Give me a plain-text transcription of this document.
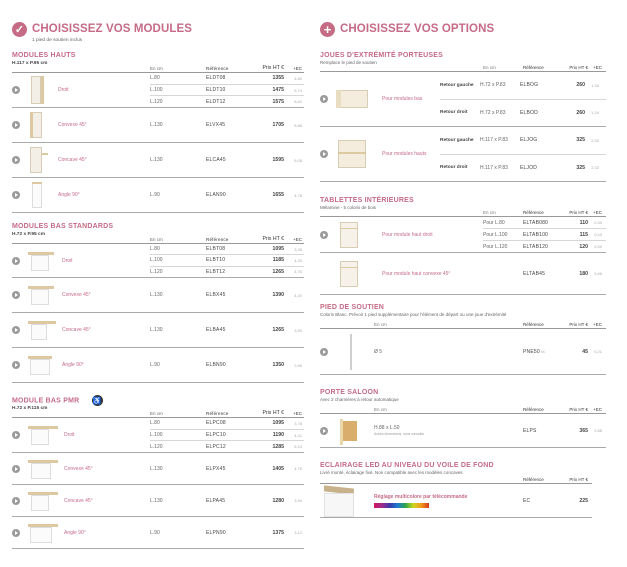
✓ CHOISISSEZ VOS MODULES
1 pied de soutien inclus
MODULES HAUTS
H.117 x P.95 cm
En cm	Référence	Prix HT €	+EC
Droit
L.80	ELDT08	1355	4,80
L.100	ELDT10	1475	5,74
L.120	ELDT12	1575	6,62
Convexe 45°	L.130	ELVX45	1705	5,88
Concave 45°	L.130	ELCA45	1595	5,08
Angle 90°	L.90	ELAN90	1655	4,78
MODULES BAS STANDARDS
H.72 x P.95 cm
En cm	Référence	Prix HT €	+EC
Droit
L.80	ELBT08	1095	3,36
L.100	ELBT10	1185	4,20
L.120	ELBT12	1265	4,76
Convexe 45°	L.130	ELBX45	1390	4,20
Concave 45°	L.130	ELBA45	1265	3,50
Angle 90°	L.90	ELBN90	1350	2,66
MODULE BAS PMR ♿
H.72 x P.115 cm
En cm	Référence	Prix HT €	+EC
Droit
L.80	ELPC08	1095	3,78
L.100	ELPC10	1190	4,41
L.120	ELPC12	1285	5,24
Convexe 45°	L.130	ELPX45	1405	4,76
Concave 45°	L.130	ELPA45	1280	3,94
Angle 90°	L.90	ELPN90	1375	3,12
+ CHOISISSEZ VOS OPTIONS
JOUES D'EXTRÉMITÉ PORTEUSES
Remplace le pied de soutien
En cm	Référence	Prix HT €	+EC
Pour modules bas
Retour gauche	H.72 x P.83	ELBOG	260	1,34
Retour droit	H.72 x P.83	ELBOD	260	1,34
Pour modules hauts
Retour gauche	H.117 x P.83	ELJOG	325	2,32
Retour droit	H.117 x P.83	ELJOD	325	2,32
TABLETTES INTÉRIEURES
Mélamine - 5 coloris de bois
En cm	Référence	Prix HT €	+EC
Pour module haut droit
Pour L.80	ELTAB080	110	0,33
Pour L.100	ELTAB100	115	0,43
Pour L.120	ELTAB120	120	0,50
Pour module haut convexe 45°	ELTAB45	180	0,66
PIED DE SOUTIEN
Coloris Blanc. Prévoir 1 pied supplémentaire pour l'élément de départ ou une joue d'extrémité
En cm	Référence	Prix HT €	+EC
Ø 5	PNE50 bl.	45	0,21
PORTE SALOON
Avec 2 charnières à retour automatique
En cm	Référence	Prix HT €	+EC
H.88 x L.50
Autres dimensions, nous consulter
ELPS	365	0,88
ECLAIRAGE LED AU NIVEAU DU VOILE DE FOND
Livré monté, éclairage fixé. Non compatible avec les modèles concaves
Référence	Prix HT €
Réglage multicolore par télécommande
EC	225
